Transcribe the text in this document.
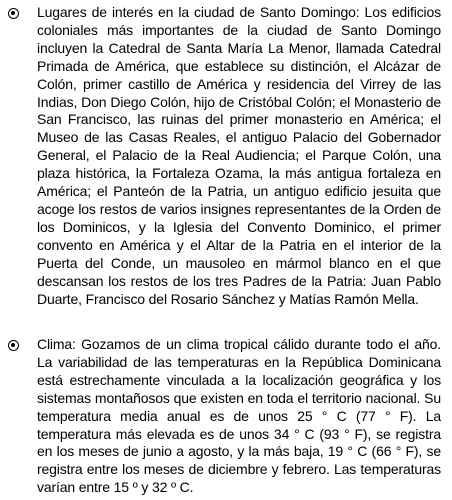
Lugares de interés en la ciudad de Santo Domingo: Los edificios coloniales más importantes de la ciudad de Santo Domingo incluyen la Catedral de Santa María La Menor, llamada Catedral Primada de América, que establece su distinción, el Alcázar de Colón, primer castillo de América y residencia del Virrey de las Indias, Don Diego Colón, hijo de Cristóbal Colón; el Monasterio de San Francisco, las ruinas del primer monasterio en América; el Museo de las Casas Reales, el antiguo Palacio del Gobernador General, el Palacio de la Real Audiencia; el Parque Colón, una plaza histórica, la Fortaleza Ozama, la más antigua fortaleza en América; el Panteón de la Patria, un antiguo edificio jesuita que acoge los restos de varios insignes representantes de la Orden de los Dominicos, y la Iglesia del Convento Dominico, el primer convento en América y el Altar de la Patria en el interior de la Puerta del Conde, un mausoleo en mármol blanco en el que descansan los restos de los tres Padres de la Patria: Juan Pablo Duarte, Francisco del Rosario Sánchez y Matías Ramón Mella.

Clima: Gozamos de un clima tropical cálido durante todo el año. La variabilidad de las temperaturas en la República Dominicana está estrechamente vinculada a la localización geográfica y los sistemas montañosos que existen en toda el territorio nacional. Su temperatura media anual es de unos 25 ° C (77 ° F). La temperatura más elevada es de unos 34 ° C (93 ° F), se registra en los meses de junio a agosto, y la más baja, 19 ° C (66 ° F), se registra entre los meses de diciembre y febrero. Las temperaturas varían entre 15 º y 32 º C.
